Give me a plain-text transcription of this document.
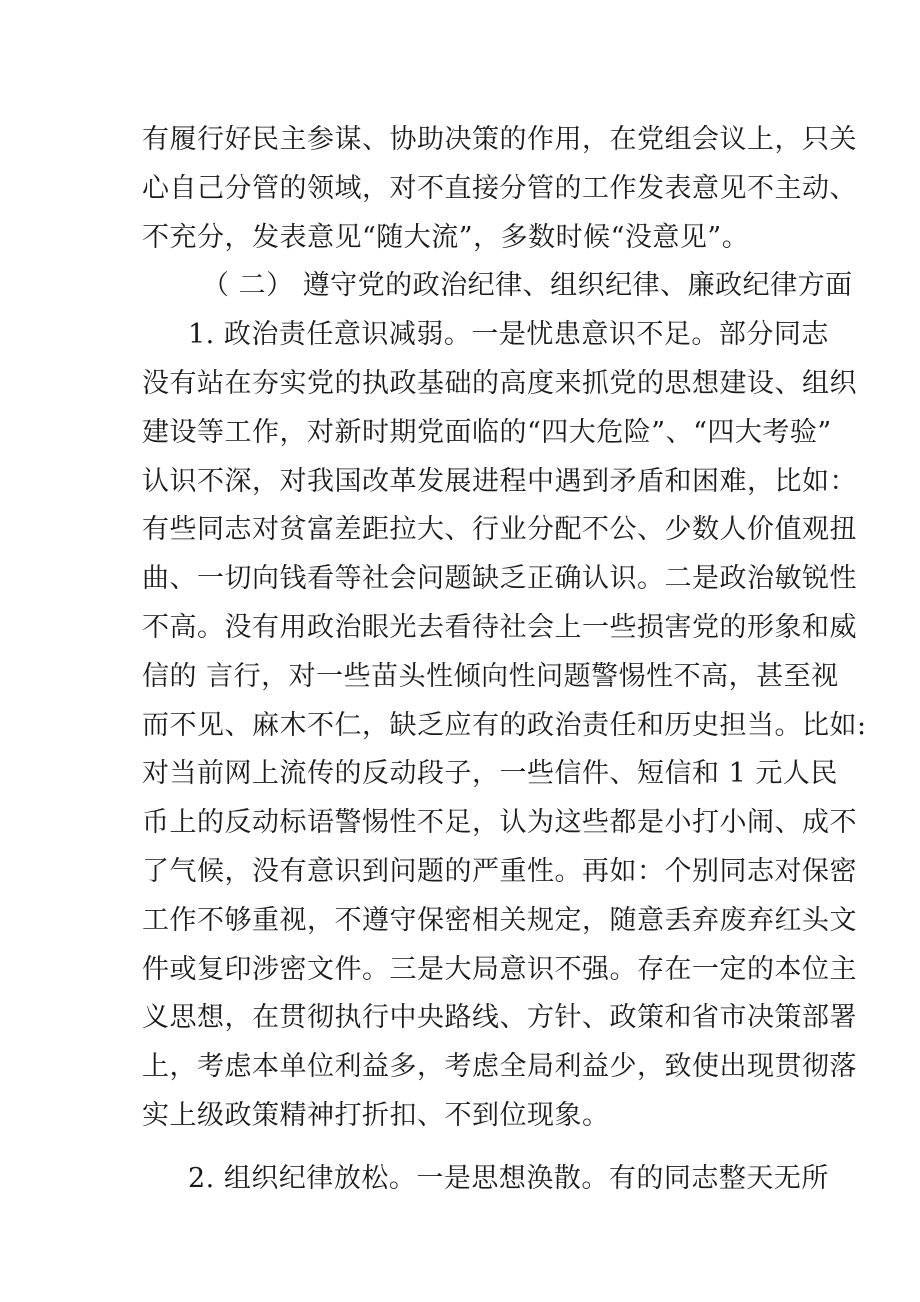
有履行好民主参谋、协助决策的作用，在党组会议上，只关
心自己分管的领域，对不直接分管的工作发表意见不主动、
不充分，发表意见“随大流”，多数时候“没意见”。
（ 二） 遵守党的政治纪律、组织纪律、廉政纪律方面
1. 政治责任意识减弱。一是忧患意识不足。部分同志
没有站在夯实党的执政基础的高度来抓党的思想建设、组织
建设等工作，对新时期党面临的“四大危险”、“四大考验”
认识不深，对我国改革发展进程中遇到矛盾和困难，比如：
有些同志对贫富差距拉大、行业分配不公、少数人价值观扭
曲、一切向钱看等社会问题缺乏正确认识。二是政治敏锐性
不高。没有用政治眼光去看待社会上一些损害党的形象和威
信的 言行，对一些苗头性倾向性问题警惕性不高，甚至视
而不见、麻木不仁，缺乏应有的政治责任和历史担当。比如:
对当前网上流传的反动段子，一些信件、短信和 1 元人民
币上的反动标语警惕性不足，认为这些都是小打小闹、成不
了气候，没有意识到问题的严重性。再如：个别同志对保密
工作不够重视，不遵守保密相关规定，随意丢弃废弃红头文
件或复印涉密文件。三是大局意识不强。存在一定的本位主
义思想，在贯彻执行中央路线、方针、政策和省市决策部署
上，考虑本单位利益多，考虑全局利益少，致使出现贯彻落
实上级政策精神打折扣、不到位现象。
2. 组织纪律放松。一是思想涣散。有的同志整天无所
